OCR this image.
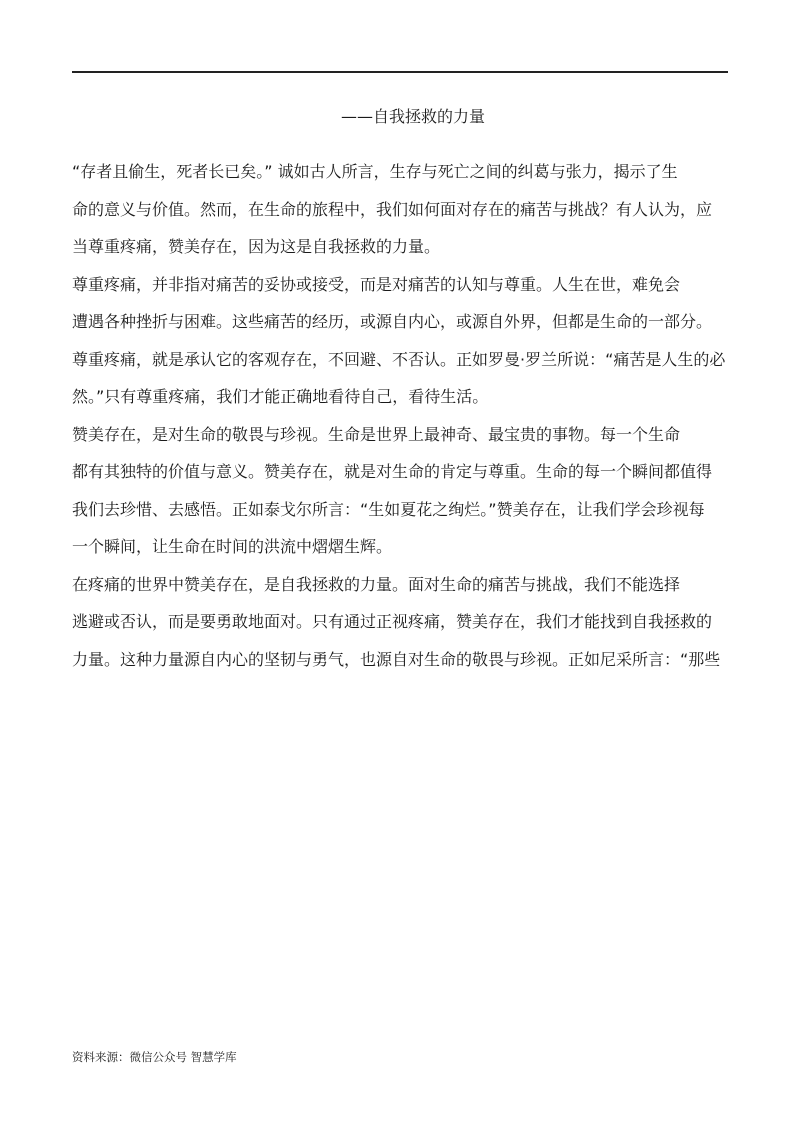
——自我拯救的力量

“存者且偷生，死者长已矣。” 诚如古人所言，生存与死亡之间的纠葛与张力，揭示了生
命的意义与价值。然而，在生命的旅程中，我们如何面对存在的痛苦与挑战？有人认为，应
当尊重疼痛，赞美存在，因为这是自我拯救的力量。

尊重疼痛，并非指对痛苦的妥协或接受，而是对痛苦的认知与尊重。人生在世，难免会
遭遇各种挫折与困难。这些痛苦的经历，或源自内心，或源自外界，但都是生命的一部分。
尊重疼痛，就是承认它的客观存在，不回避、不否认。正如罗曼·罗兰所说：“痛苦是人生的必
然。”只有尊重疼痛，我们才能正确地看待自己，看待生活。

赞美存在，是对生命的敬畏与珍视。生命是世界上最神奇、最宝贵的事物。每一个生命
都有其独特的价值与意义。赞美存在，就是对生命的肯定与尊重。生命的每一个瞬间都值得
我们去珍惜、去感悟。正如泰戈尔所言：“生如夏花之绚烂。”赞美存在，让我们学会珍视每
一个瞬间，让生命在时间的洪流中熠熠生辉。

在疼痛的世界中赞美存在，是自我拯救的力量。面对生命的痛苦与挑战，我们不能选择
逃避或否认，而是要勇敢地面对。只有通过正视疼痛，赞美存在，我们才能找到自我拯救的
力量。这种力量源自内心的坚韧与勇气，也源自对生命的敬畏与珍视。正如尼采所言：“那些

资料来源：微信公众号 智慧学库
